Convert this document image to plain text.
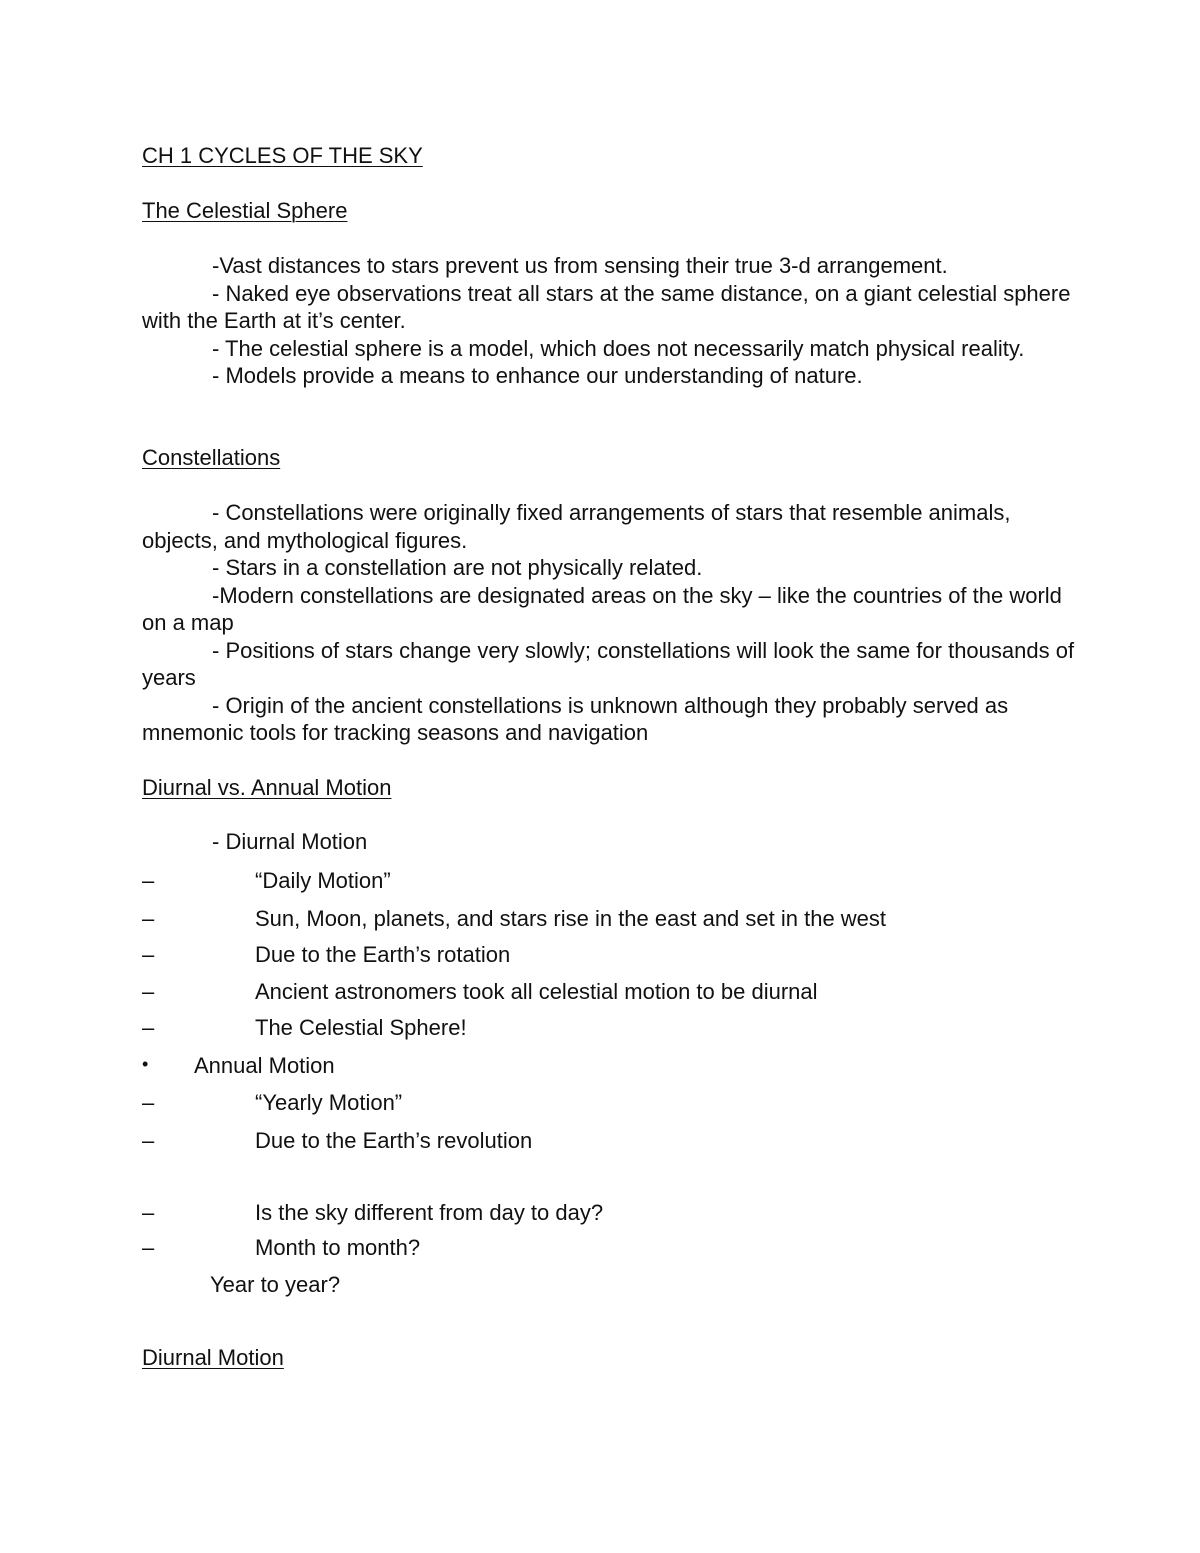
CH 1 CYCLES OF THE SKY
The Celestial Sphere

-Vast distances to stars prevent us from sensing their true 3-d arrangement.

- Naked eye observations treat all stars at the same distance, on a giant celestial sphere with the Earth at it’s center.

- The celestial sphere is a model, which does not necessarily match physical reality.

- Models provide a means to enhance our understanding of nature.

Constellations

- Constellations were originally fixed arrangements of stars that resemble animals, objects, and mythological figures.

- Stars in a constellation are not physically related.

-Modern constellations are designated areas on the sky – like the countries of the world on a map

- Positions of stars change very slowly; constellations will look the same for thousands of years

- Origin of the ancient constellations is unknown although they probably served as mnemonic tools for tracking seasons and navigation

Diurnal vs. Annual Motion
- Diurnal Motion
–	“Daily Motion”
–	Sun, Moon, planets, and stars rise in the east and set in the west
–	Due to the Earth’s rotation
–	Ancient astronomers took all celestial motion to be diurnal
–	The Celestial Sphere!
• Annual Motion
–	“Yearly Motion”
–	Due to the Earth’s revolution
–	Is the sky different from day to day?
–	Month to month?
Year to year?
Diurnal Motion
